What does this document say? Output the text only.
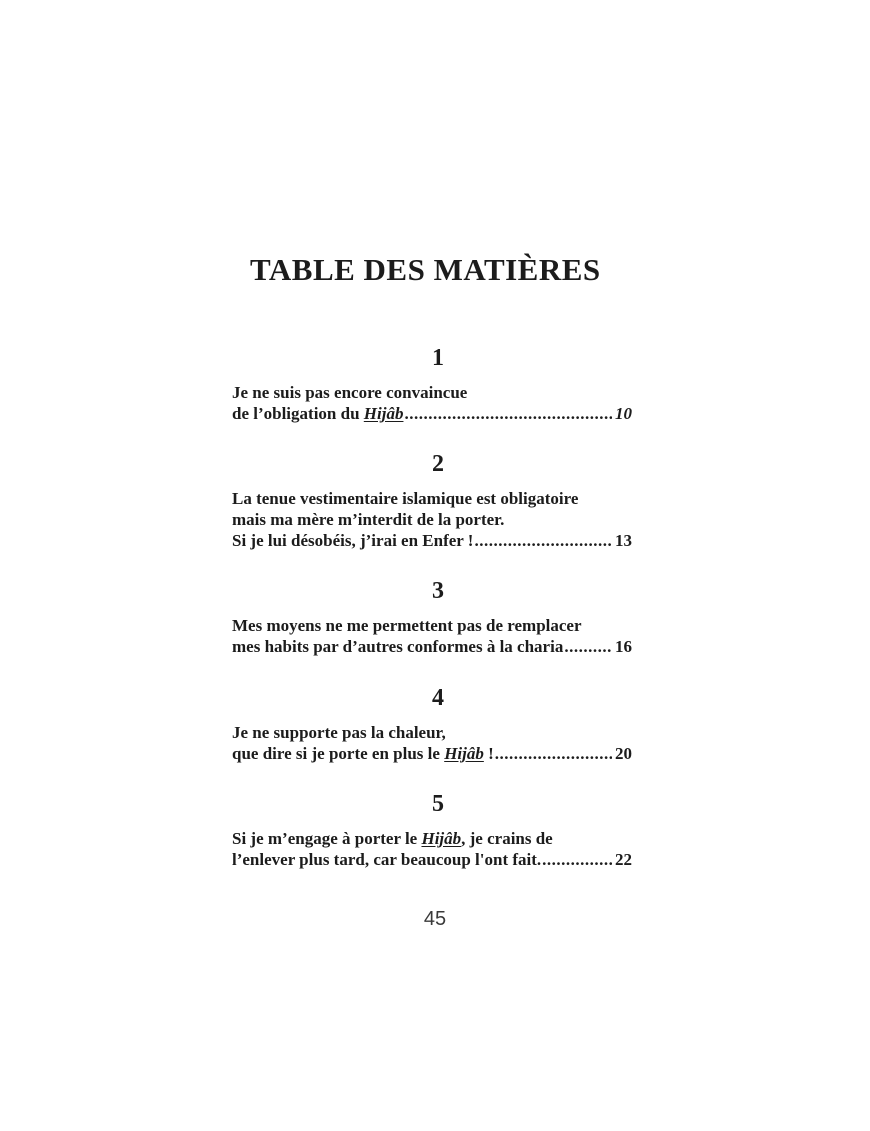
TABLE DES MATIÈRES
1
Je ne suis pas encore convaincue
de l’obligation du Hijâb .....	10
2
La tenue vestimentaire islamique est obligatoire
mais ma mère m’interdit de la porter.
Si je lui désobéis, j’irai en Enfer ! .....	13
3
Mes moyens ne me permettent pas de remplacer
mes habits par d’autres conformes à la charia .....	16
4
Je ne supporte pas la chaleur,
que dire si je porte en plus le Hijâb ! .....	20
5
Si je m’engage à porter le Hijâb, je crains de
l’enlever plus tard, car beaucoup l'ont fait. .....	22
45
